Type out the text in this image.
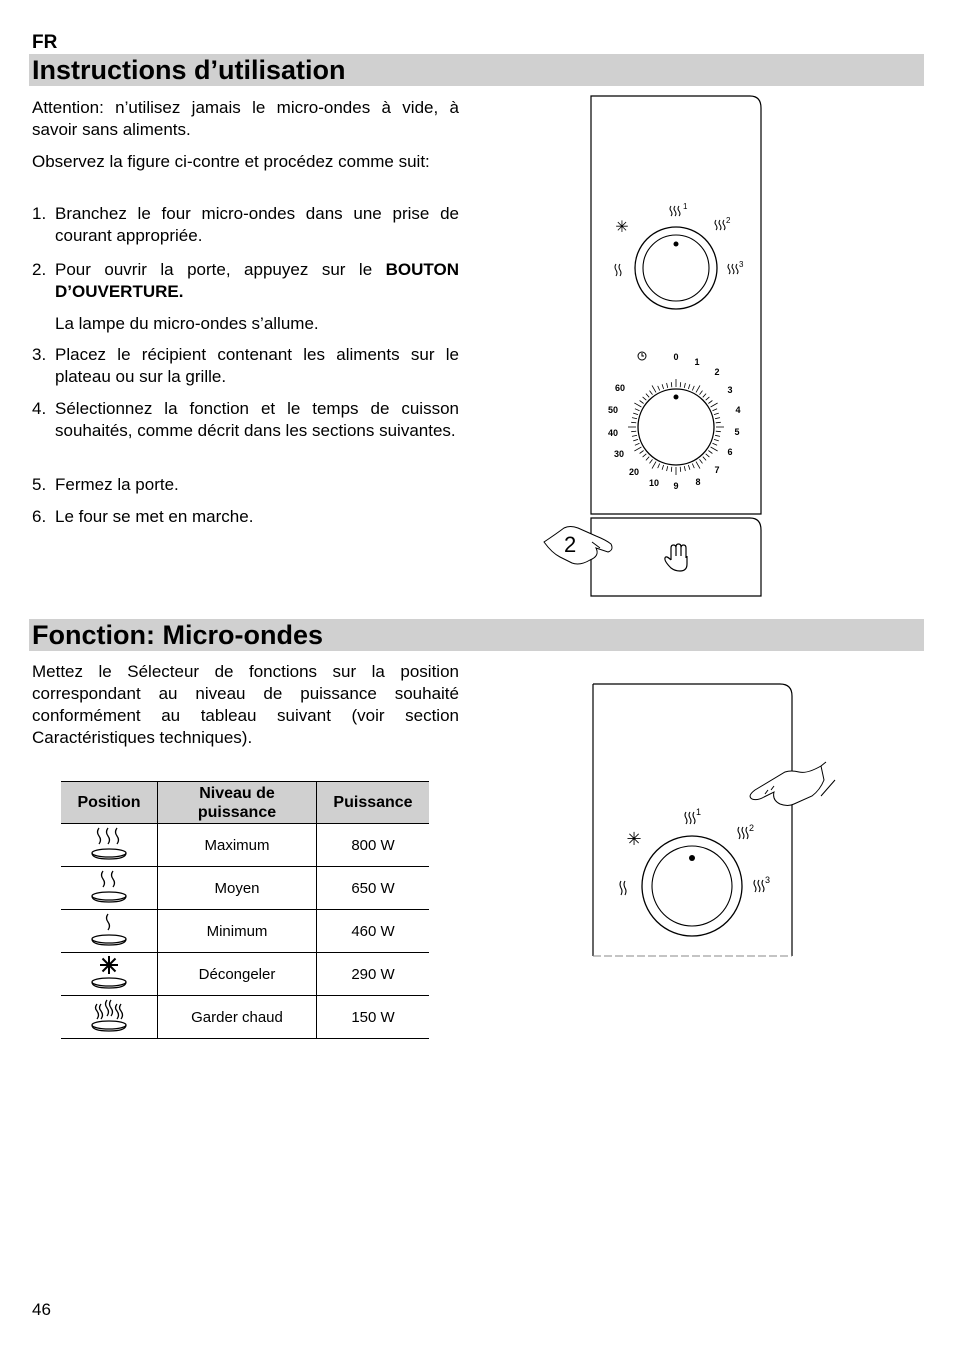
FR
Instructions d’utilisation
Attention: n’utilisez jamais le micro-ondes à vide, à savoir sans aliments.
Observez la figure ci-contre et procédez comme suit:
1. Branchez le four micro-ondes dans une prise de courant appropriée.
2. Pour ouvrir la porte, appuyez sur le BOUTON D’OUVERTURE.
La lampe du micro-ondes s’allume.
3. Placez le récipient contenant les aliments sur le plateau ou sur la grille.
4. Sélectionnez la fonction et le temps de cuisson souhaités, comme décrit dans les sections suivantes.
5. Fermez la porte.
6. Le four se met en marche.
✳
1
2
3
0 1
2
3
4
5
6
7
8
9
10
20
30
40
50
60
2
Fonction: Micro-ondes
Mettez le Sélecteur de fonctions sur la position correspondant au niveau de puissance souhaité conformément au tableau suivant (voir section Caractéristiques techniques).
Position	Niveau de puissance	Puissance
	Maximum	800 W
	Moyen	650 W
	Minimum	460 W
	Décongeler	290 W
	Garder chaud	150 W
✳
1
2
3
46
